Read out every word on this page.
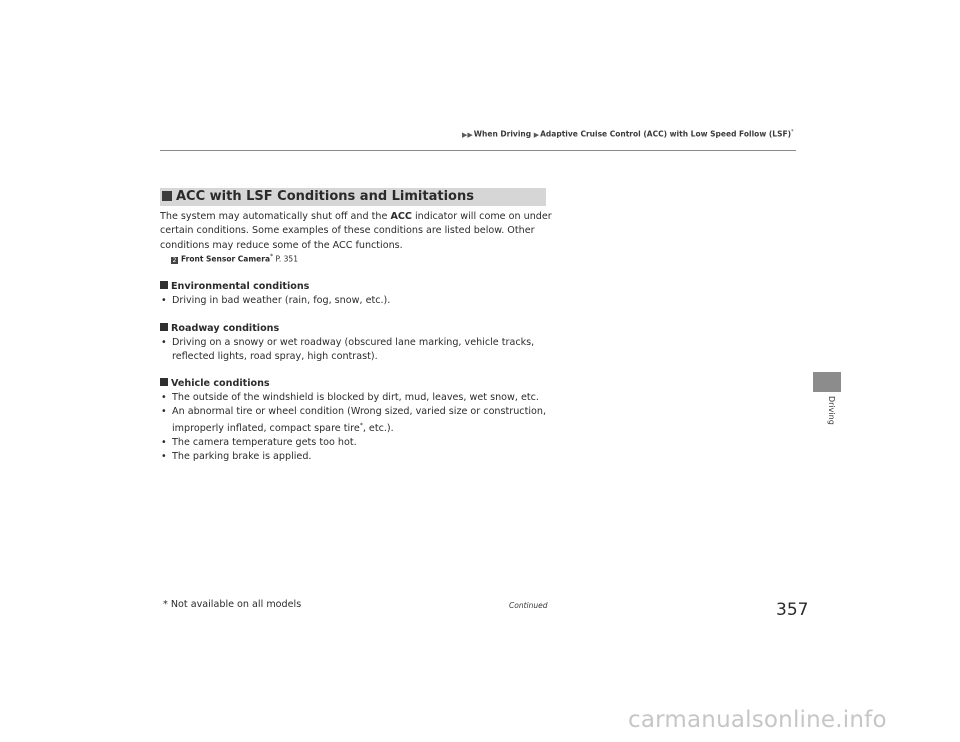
▶▶When Driving ▶Adaptive Cruise Control (ACC) with Low Speed Follow (LSF)*
ACC with LSF Conditions and Limitations
The system may automatically shut off and the ACC indicator will come on under certain conditions. Some examples of these conditions are listed below. Other conditions may reduce some of the ACC functions.
2 Front Sensor Camera* P. 351
Environmental conditions
• Driving in bad weather (rain, fog, snow, etc.).
Roadway conditions
• Driving on a snowy or wet roadway (obscured lane marking, vehicle tracks, reflected lights, road spray, high contrast).
Vehicle conditions
• The outside of the windshield is blocked by dirt, mud, leaves, wet snow, etc.
• An abnormal tire or wheel condition (Wrong sized, varied size or construction, improperly inflated, compact spare tire*, etc.).
• The camera temperature gets too hot.
• The parking brake is applied.
Driving
* Not available on all models	Continued	357
carmanualsonline.info
